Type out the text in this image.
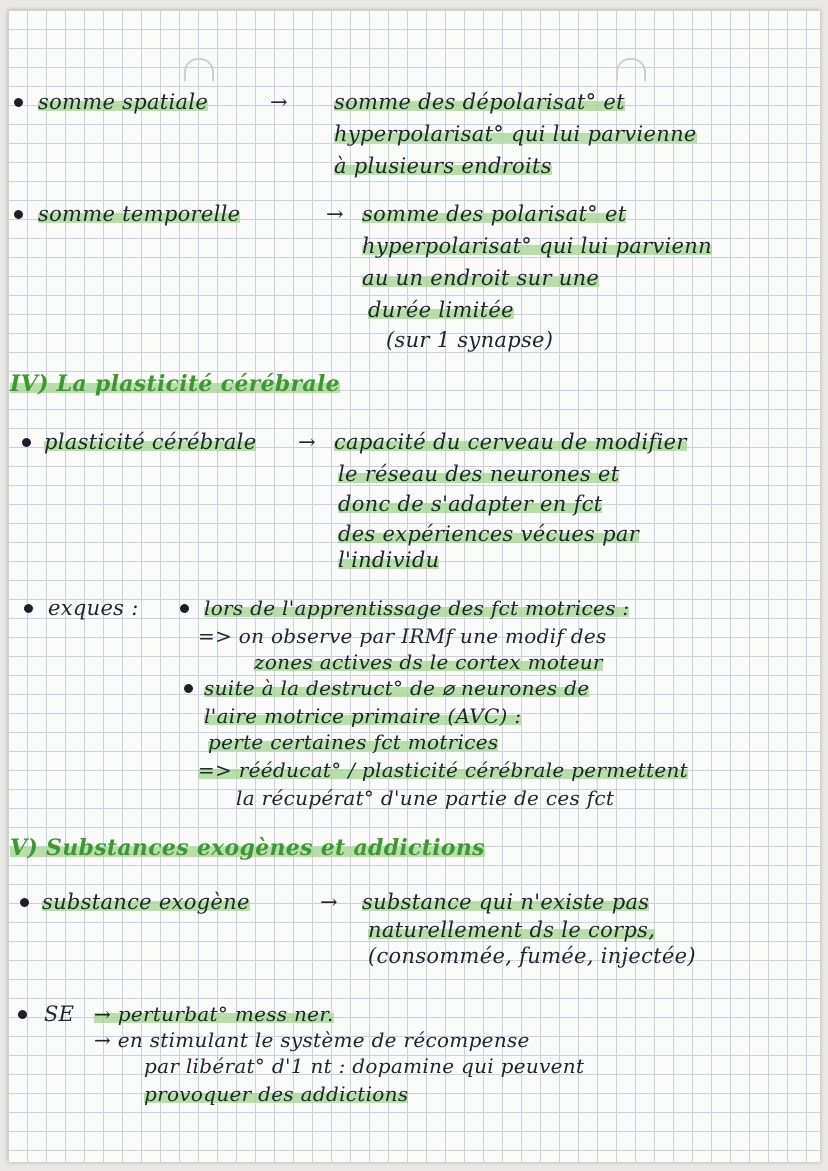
somme spatiale	→ somme des dépolarisat° et
hyperpolarisat° qui lui parvienne
à plusieurs endroits
somme temporelle	→ somme des polarisat° et
hyperpolarisat° qui lui parvienn
au un endroit sur une
durée limitée
(sur 1 synapse)
IV) La plasticité cérébrale
plasticité cérébrale → capacité du cerveau de modifier
le réseau des neurones et
donc de s'adapter en fct
des expériences vécues par
l'individu
exques :	lors de l'apprentissage des fct motrices :
=> on observe par IRMf une modif des
zones actives ds le cortex moteur
suite à la destruct° de ⌀ neurones de
l'aire motrice primaire (AVC) :
perte certaines fct motrices
=> rééducat° / plasticité cérébrale permettent
la récupérat° d'une partie de ces fct
V) Substances exogènes et addictions
substance exogène	→ substance qui n'existe pas
naturellement ds le corps,
(consommée, fumée, injectée)
SE → perturbat° mess ner.
→ en stimulant le système de récompense
par libérat° d'1 nt : dopamine qui peuvent
provoquer des addictions
